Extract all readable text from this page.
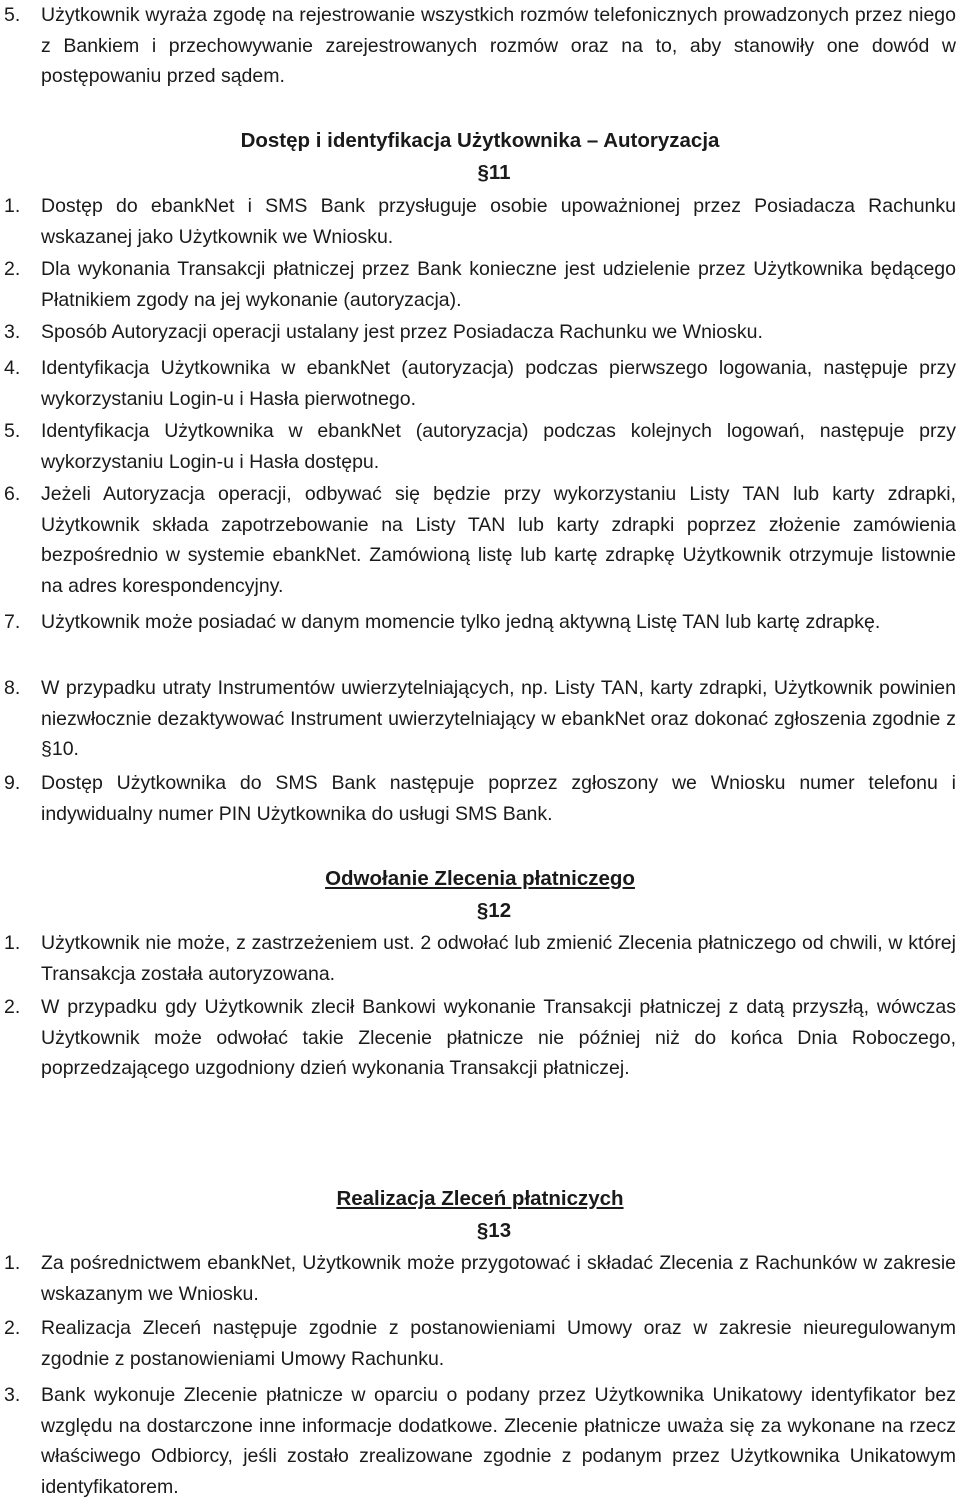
5. Użytkownik wyraża zgodę na rejestrowanie wszystkich rozmów telefonicznych prowadzonych przez niego z Bankiem i przechowywanie zarejestrowanych rozmów oraz na to, aby stanowiły one dowód w postępowaniu przed sądem.
Dostęp i identyfikacja Użytkownika – Autoryzacja
§11
1. Dostęp do ebankNet i SMS Bank przysługuje osobie upoważnionej przez Posiadacza Rachunku wskazanej jako Użytkownik we Wniosku.
2. Dla wykonania Transakcji płatniczej przez Bank konieczne jest udzielenie przez Użytkownika będącego Płatnikiem zgody na jej wykonanie (autoryzacja).
3. Sposób Autoryzacji operacji ustalany jest przez Posiadacza Rachunku we Wniosku.
4. Identyfikacja Użytkownika w ebankNet (autoryzacja) podczas pierwszego logowania, następuje przy wykorzystaniu Login-u i Hasła pierwotnego.
5. Identyfikacja Użytkownika w ebankNet (autoryzacja) podczas kolejnych logowań, następuje przy wykorzystaniu Login-u i Hasła dostępu.
6. Jeżeli Autoryzacja operacji, odbywać się będzie przy wykorzystaniu Listy TAN lub karty zdrapki, Użytkownik składa zapotrzebowanie na Listy TAN lub karty zdrapki poprzez złożenie zamówienia bezpośrednio w systemie ebankNet. Zamówioną listę lub kartę zdrapkę Użytkownik otrzymuje listownie na adres korespondencyjny.
7. Użytkownik może posiadać w danym momencie tylko jedną aktywną Listę TAN lub kartę zdrapkę.
8. W przypadku utraty Instrumentów uwierzytelniających, np. Listy TAN, karty zdrapki, Użytkownik powinien niezwłocznie dezaktywować Instrument uwierzytelniający w ebankNet oraz dokonać zgłoszenia zgodnie z §10.
9. Dostęp Użytkownika do SMS Bank następuje poprzez zgłoszony we Wniosku numer telefonu i indywidualny numer PIN Użytkownika do usługi SMS Bank.
Odwołanie Zlecenia płatniczego
§12
1. Użytkownik nie może, z zastrzeżeniem ust. 2 odwołać lub zmienić Zlecenia płatniczego od chwili, w której Transakcja została autoryzowana.
2. W przypadku gdy Użytkownik zlecił Bankowi wykonanie Transakcji płatniczej z datą przyszłą, wówczas Użytkownik może odwołać takie Zlecenie płatnicze nie później niż do końca Dnia Roboczego, poprzedzającego uzgodniony dzień wykonania Transakcji płatniczej.
Realizacja Zleceń płatniczych
§13
1. Za pośrednictwem ebankNet, Użytkownik może przygotować i składać Zlecenia z Rachunków w zakresie wskazanym we Wniosku.
2. Realizacja Zleceń następuje zgodnie z postanowieniami Umowy oraz w zakresie nieuregulowanym zgodnie z postanowieniami Umowy Rachunku.
3. Bank wykonuje Zlecenie płatnicze w oparciu o podany przez Użytkownika Unikatowy identyfikator bez względu na dostarczone inne informacje dodatkowe. Zlecenie płatnicze uważa się za wykonane na rzecz właściwego Odbiorcy, jeśli zostało zrealizowane zgodnie z podanym przez Użytkownika Unikatowym identyfikatorem.
